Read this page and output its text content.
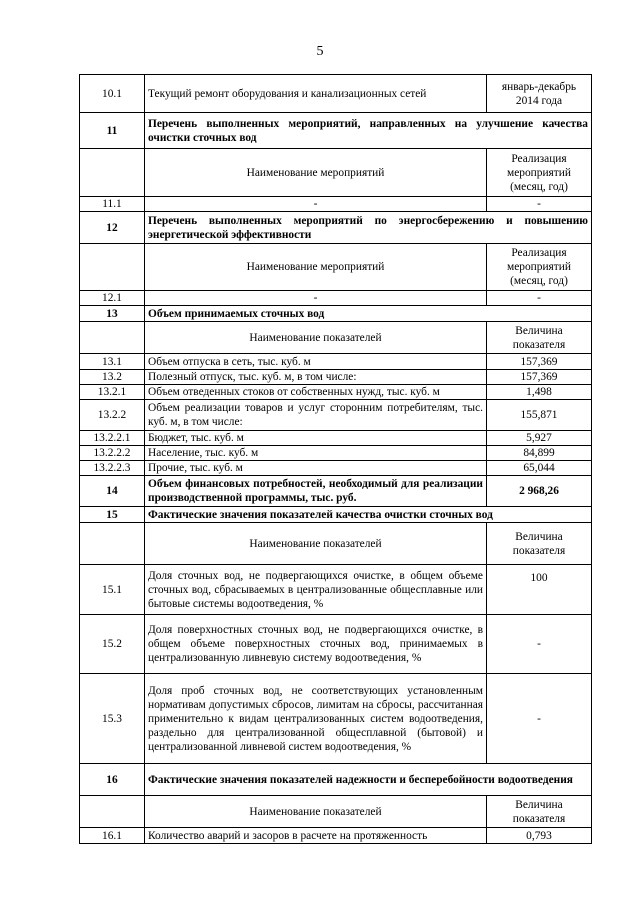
5
10.1	Текущий ремонт оборудования и канализационных сетей	январь-декабрь 2014 года
11	Перечень выполненных мероприятий, направленных на улучшение качества очистки сточных вод	
	Наименование мероприятий	Реализация мероприятий (месяц, год)
11.1	-	-
12	Перечень выполненных мероприятий по энергосбережению и повышению энергетической эффективности	
	Наименование мероприятий	Реализация мероприятий (месяц, год)
12.1	-	-
13	Объем принимаемых сточных вод	
	Наименование показателей	Величина показателя
13.1	Объем отпуска в сеть, тыс. куб. м	157,369
13.2	Полезный отпуск, тыс. куб. м, в том числе:	157,369
13.2.1	Объем отведенных стоков от собственных нужд, тыс. куб. м	1,498
13.2.2	Объем реализации товаров и услуг сторонним потребителям, тыс. куб. м, в том числе:	155,871
13.2.2.1	Бюджет, тыс. куб. м	5,927
13.2.2.2	Население, тыс. куб. м	84,899
13.2.2.3	Прочие, тыс. куб. м	65,044
14	Объем финансовых потребностей, необходимый для реализации производственной программы, тыс. руб.	2 968,26
15	Фактические значения показателей качества очистки сточных вод	
	Наименование показателей	Величина показателя
15.1	Доля сточных вод, не подвергающихся очистке, в общем объеме сточных вод, сбрасываемых в централизованные общесплавные или бытовые системы водоотведения, %	100
15.2	Доля поверхностных сточных вод, не подвергающихся очистке, в общем объеме поверхностных сточных вод, принимаемых в централизованную ливневую систему водоотведения, %	-
15.3	Доля проб сточных вод, не соответствующих установленным нормативам допустимых сбросов, лимитам на сбросы, рассчитанная применительно к видам централизованных систем водоотведения, раздельно для централизованной общесплавной (бытовой) и централизованной ливневой систем водоотведения, %	-
16	Фактические значения показателей надежности и бесперебойности водоотведения	
	Наименование показателей	Величина показателя
16.1	Количество аварий и засоров в расчете на протяженность	0,793
